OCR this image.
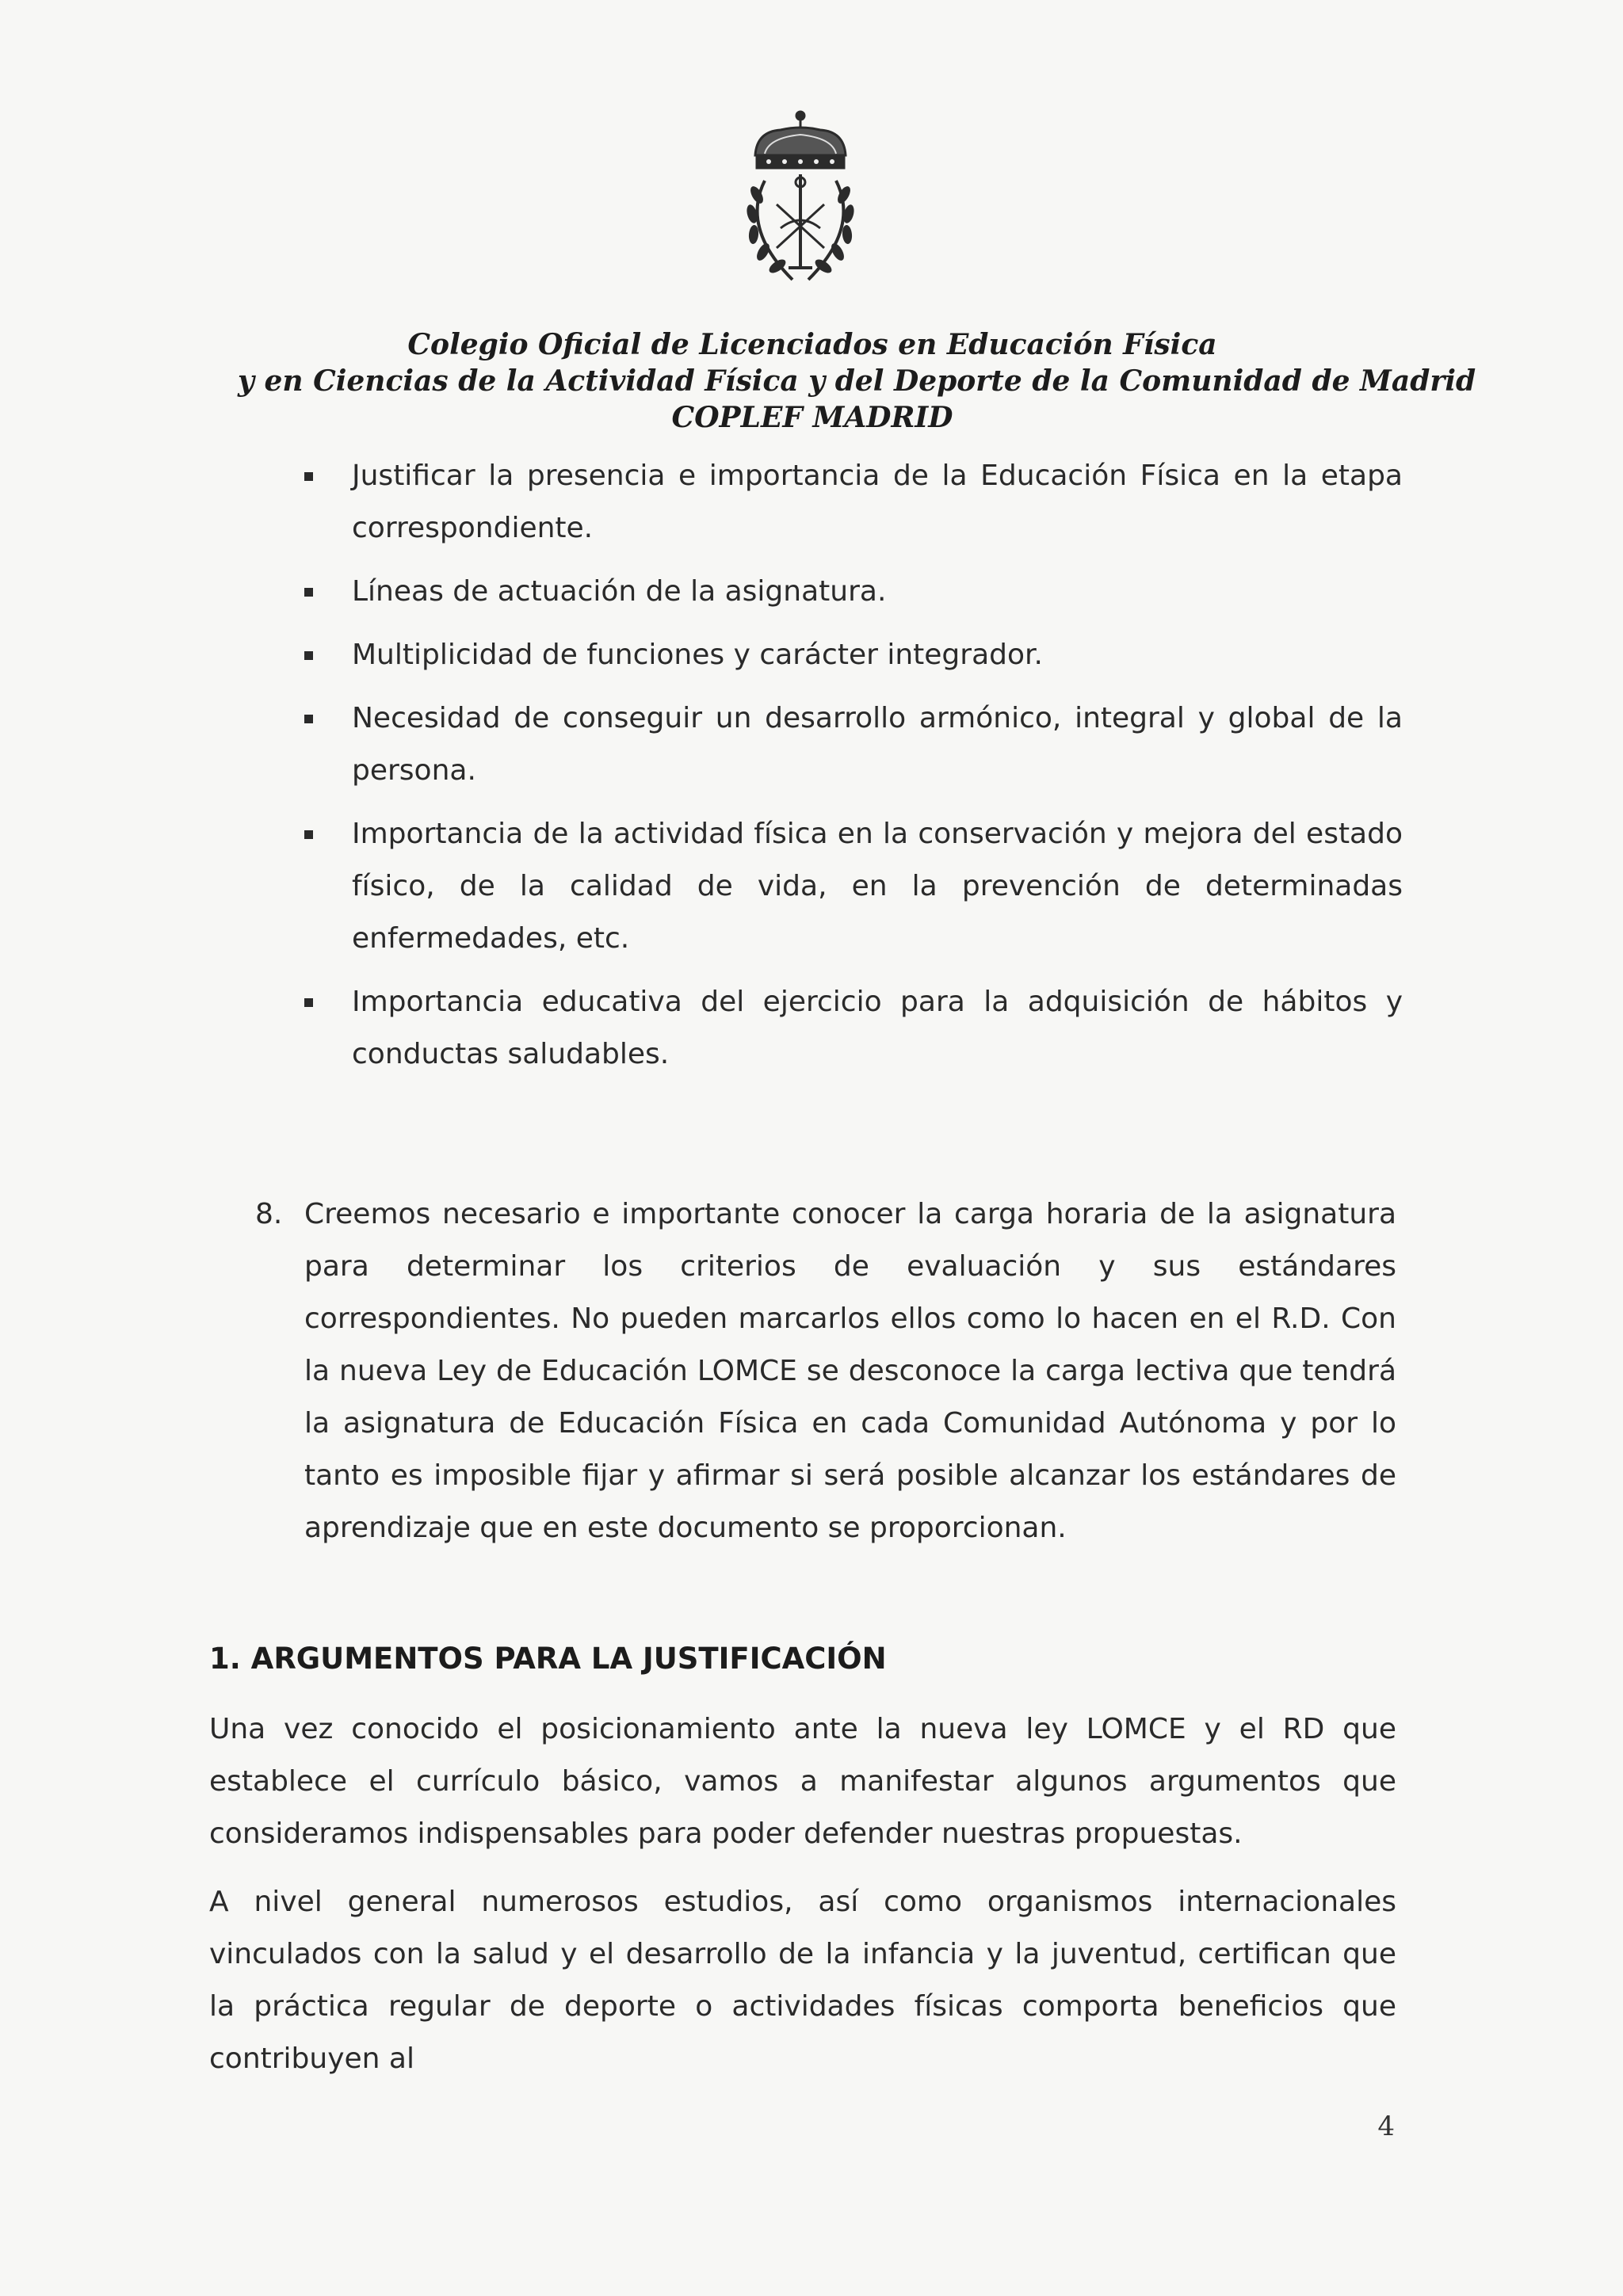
Colegio Oficial de Licenciados en Educación Física
y en Ciencias de la Actividad Física y del Deporte de la Comunidad de Madrid
COPLEF MADRID
Justificar la presencia e importancia de la Educación Física en la etapa correspondiente.
Líneas de actuación de la asignatura.
Multiplicidad de funciones y carácter integrador.
Necesidad de conseguir un desarrollo armónico, integral y global de la persona.
Importancia de la actividad física en la conservación y mejora del estado físico, de la calidad de vida, en la prevención de determinadas enfermedades, etc.
Importancia educativa del ejercicio para la adquisición de hábitos y conductas saludables.
8. Creemos necesario e importante conocer la carga horaria de la asignatura para determinar los criterios de evaluación y sus estándares correspondientes. No pueden marcarlos ellos como lo hacen en el R.D. Con la nueva Ley de Educación LOMCE se desconoce la carga lectiva que tendrá la asignatura de Educación Física en cada Comunidad Autónoma y por lo tanto es imposible fijar y afirmar si será posible alcanzar los estándares de aprendizaje que en este documento se proporcionan.
1. ARGUMENTOS PARA LA JUSTIFICACIÓN

Una vez conocido el posicionamiento ante la nueva ley LOMCE y el RD que establece el currículo básico, vamos a manifestar algunos argumentos que consideramos indispensables para poder defender nuestras propuestas.

A nivel general numerosos estudios, así como organismos internacionales vinculados con la salud y el desarrollo de la infancia y la juventud, certifican que la práctica regular de deporte o actividades físicas comporta beneficios que contribuyen al

4
